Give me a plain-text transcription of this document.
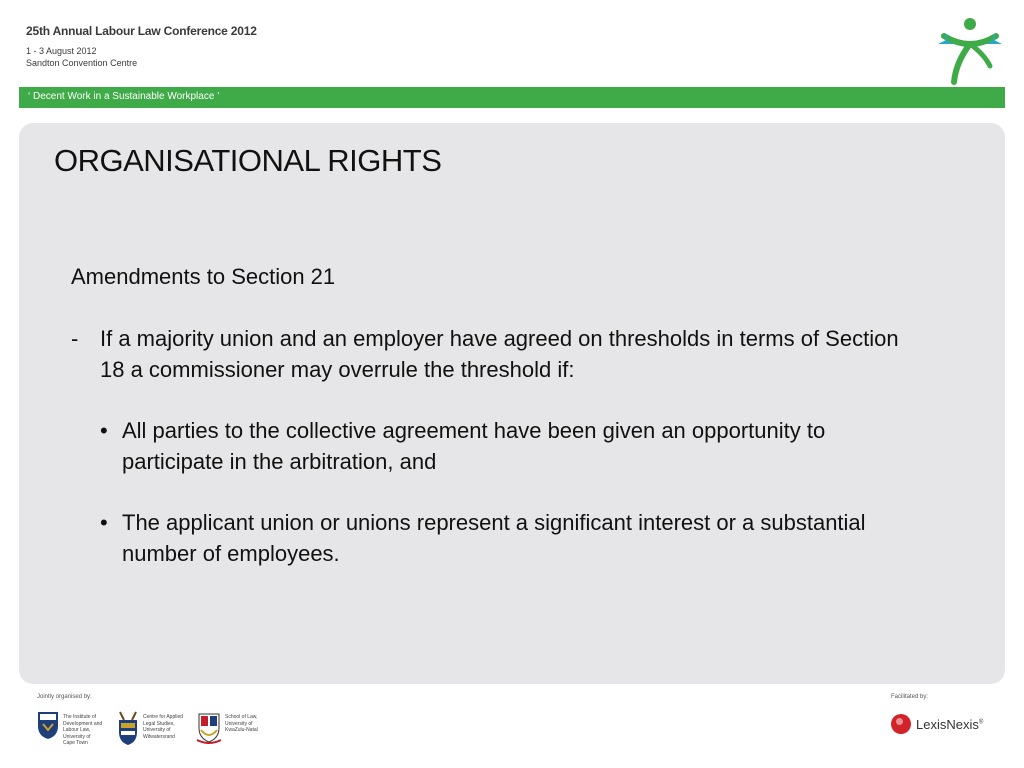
25th Annual Labour Law Conference 2012
1 - 3 August 2012
Sandton Convention Centre
‘ Decent Work in a Sustainable Workplace ’
ORGANISATIONAL RIGHTS
Amendments to Section 21
- If a majority union and an employer have agreed on thresholds in terms of Section 18 a commissioner may overrule the threshold if:
• All parties to the collective agreement have been given an opportunity to participate in the arbitration, and
• The applicant union or unions represent a significant interest or a substantial number of employees.
Jointly organised by:	Facilitated by:
The Institute of
Development and
Labour Law,
University of
Cape Town
Centre for Applied
Legal Studies,
University of
Witwatersrand
School of Law,
University of
KwaZulu-Natal	LexisNexis®
